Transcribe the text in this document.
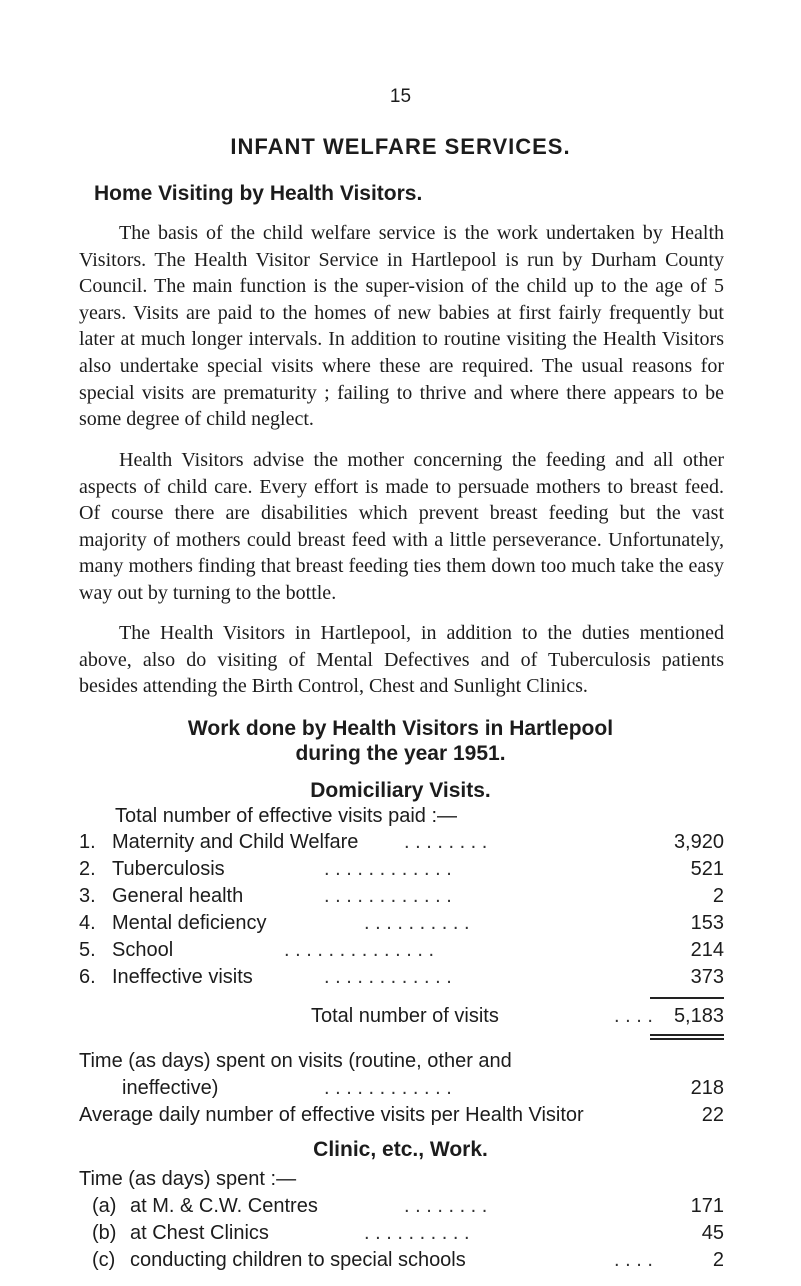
15
INFANT WELFARE SERVICES.
Home Visiting by Health Visitors.

The basis of the child welfare service is the work undertaken by Health Visitors. The Health Visitor Service in Hartlepool is run by Durham County Council. The main function is the super-vision of the child up to the age of 5 years. Visits are paid to the homes of new babies at first fairly frequently but later at much longer intervals. In addition to routine visiting the Health Visitors also undertake special visits where these are required. The usual reasons for special visits are prematurity ; failing to thrive and where there appears to be some degree of child neglect.

Health Visitors advise the mother concerning the feeding and all other aspects of child care. Every effort is made to persuade mothers to breast feed. Of course there are disabilities which prevent breast feeding but the vast majority of mothers could breast feed with a little perseverance. Unfortunately, many mothers finding that breast feeding ties them down too much take the easy way out by turning to the bottle.

The Health Visitors in Hartlepool, in addition to the duties mentioned above, also do visiting of Mental Defectives and of Tuberculosis patients besides attending the Birth Control, Chest and Sunlight Clinics.

Work done by Health Visitors in Hartlepool
during the year 1951.
Domiciliary Visits.
Total number of effective visits paid :—
1. Maternity and Child Welfare . . . . . . . .	3,920
2. Tuberculosis	. . . . . . . . . . . .	521
3. General health	. . . . . . . . . . . .	2
4. Mental deficiency	. . . . . . . . . .	153
5. School	. . . . . . . . . . . . . .	214
6. Ineffective visits	. . . . . . . . . . . .	373
Total number of visits	. . . . 5,183
Time (as days) spent on visits (routine, other and
ineffective)	. . . . . . . . . . . .	218
Average daily number of effective visits per Health Visitor	22
Clinic, etc., Work.
Time (as days) spent :—
(a) at M. & C.W. Centres	. . . . . . . .	171
(b) at Chest Clinics	. . . . . . . . . .	45
(c) conducting children to special schools	. . . .	2
